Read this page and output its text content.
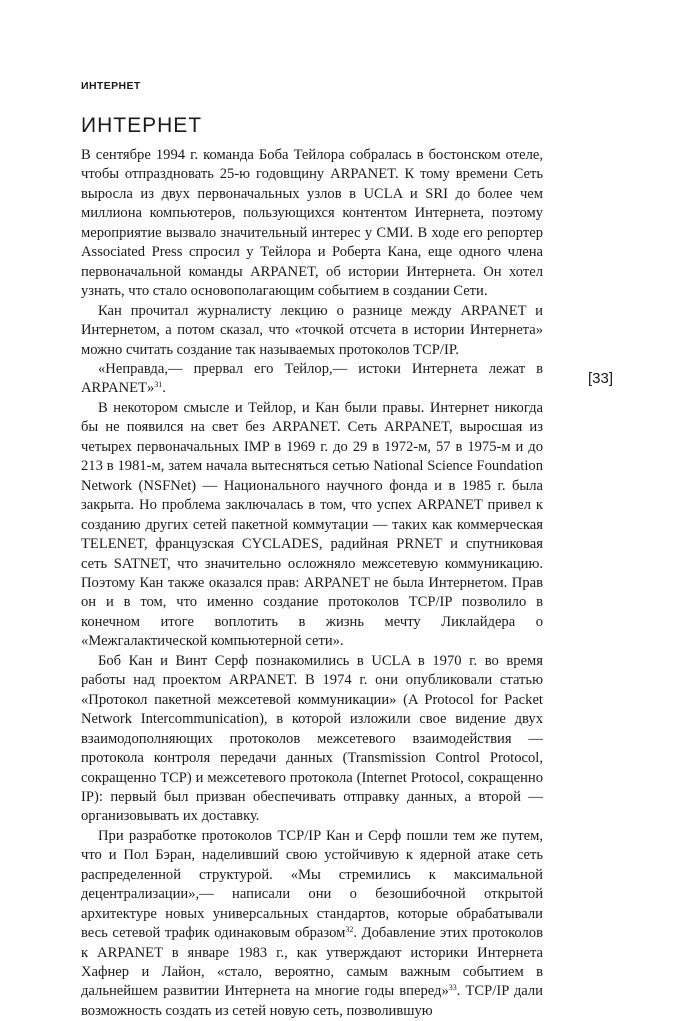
ИНТЕРНЕТ
ИНТЕРНЕТ
[33]

В сентябре 1994 г. команда Боба Тейлора собралась в бостонском отеле, чтобы отпраздновать 25-ю годовщину ARPANET. К тому времени Сеть выросла из двух первоначальных узлов в UCLA и SRI до более чем миллиона компьютеров, пользующихся контентом Интернета, поэтому мероприятие вызвало значительный интерес у СМИ. В ходе его репортер Associated Press спросил у Тейлора и Роберта Кана, еще одного члена первоначальной команды ARPANET, об истории Интернета. Он хотел узнать, что стало основополагающим событием в создании Сети.

Кан прочитал журналисту лекцию о разнице между ARPANET и Интернетом, а потом сказал, что «точкой отсчета в истории Интернета» можно считать создание так называемых протоколов TCP/IP.

«Неправда,— прервал его Тейлор,— истоки Интернета лежат в ARPANET»$^{31}$.

В некотором смысле и Тейлор, и Кан были правы. Интернет никогда бы не появился на свет без ARPANET. Сеть ARPANET, выросшая из четырех первоначальных IMP в 1969 г. до 29 в 1972-м, 57 в 1975-м и до 213 в 1981-м, затем начала вытесняться сетью National Science Foundation Network (NSFNet) — Национального научного фонда и в 1985 г. была закрыта. Но проблема заключалась в том, что успех ARPANET привел к созданию других сетей пакетной коммутации — таких как коммерческая TELENET, французская CYCLADES, радийная PRNET и спутниковая сеть SATNET, что значительно осложняло межсетевую коммуникацию. Поэтому Кан также оказался прав: ARPANET не была Интернетом. Прав он и в том, что именно создание протоколов TCP/IP позволило в конечном итоге воплотить в жизнь мечту Ликлайдера о «Межгалактической компьютерной сети».

Боб Кан и Винт Серф познакомились в UCLA в 1970 г. во время работы над проектом ARPANET. В 1974 г. они опубликовали статью «Протокол пакетной межсетевой коммуникации» (A Protocol for Packet Network Intercommunication), в которой изложили свое видение двух взаимодополняющих протоколов межсетевого взаимодействия — протокола контроля передачи данных (Transmission Control Protocol, сокращенно TCP) и межсетевого протокола (Internet Protocol, сокращенно IP): первый был призван обеспечивать отправку данных, а второй — организовывать их доставку.

При разработке протоколов TCP/IP Кан и Серф пошли тем же путем, что и Пол Бэран, наделивший свою устойчивую к ядерной атаке сеть распределенной структурой. «Мы стремились к максимальной децентрализации»,— написали они о безошибочной открытой архитектуре новых универсальных стандартов, которые обрабатывали весь сетевой трафик одинаковым образом$^{32}$. Добавление этих протоколов к ARPANET в январе 1983 г., как утверждают историки Интернета Хафнер и Лайон, «стало, вероятно, самым важным событием в дальнейшем развитии Интернета на многие годы вперед»$^{33}$. TCP/IP дали возможность создать из сетей новую сеть, позволившую
